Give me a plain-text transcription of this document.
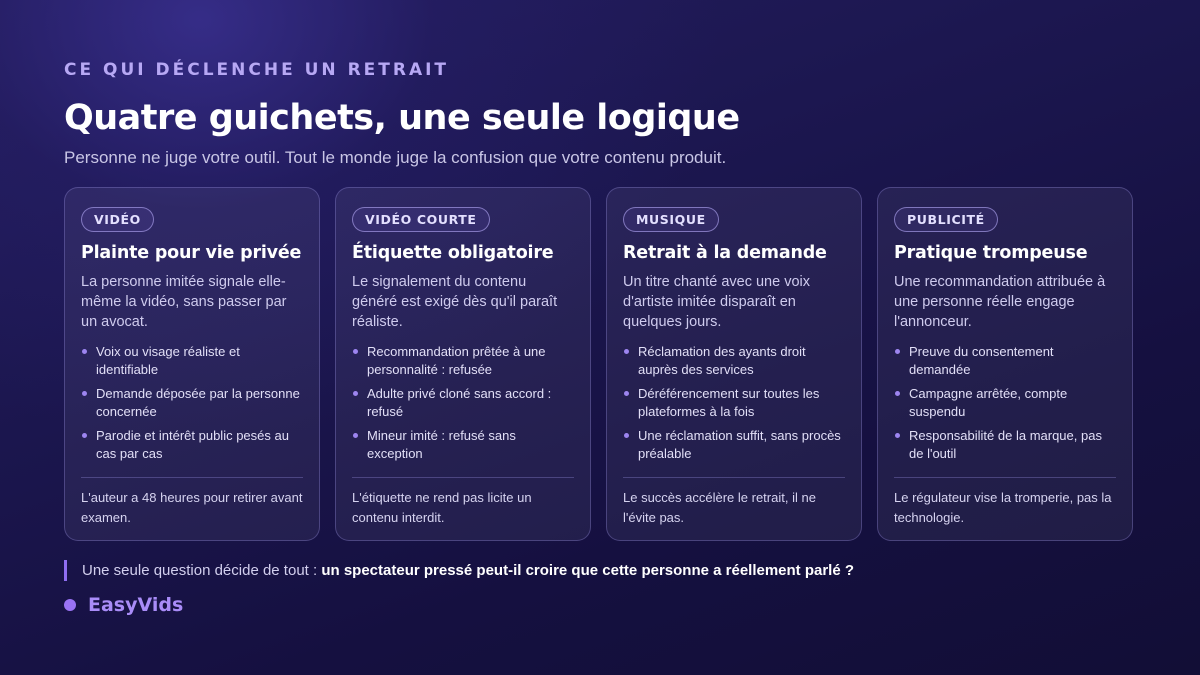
CE QUI DÉCLENCHE UN RETRAIT
Quatre guichets, une seule logique
Personne ne juge votre outil. Tout le monde juge la confusion que votre contenu produit.
VIDÉO
Plainte pour vie privée
La personne imitée signale elle-même la vidéo, sans passer par un avocat.
Voix ou visage réaliste et identifiable
Demande déposée par la personne concernée
Parodie et intérêt public pesés au cas par cas
L'auteur a 48 heures pour retirer avant examen.
VIDÉO COURTE
Étiquette obligatoire
Le signalement du contenu généré est exigé dès qu'il paraît réaliste.
Recommandation prêtée à une personnalité : refusée
Adulte privé cloné sans accord : refusé
Mineur imité : refusé sans exception
L'étiquette ne rend pas licite un contenu interdit.
MUSIQUE
Retrait à la demande
Un titre chanté avec une voix d'artiste imitée disparaît en quelques jours.
Réclamation des ayants droit auprès des services
Déréférencement sur toutes les plateformes à la fois
Une réclamation suffit, sans procès préalable
Le succès accélère le retrait, il ne l'évite pas.
PUBLICITÉ
Pratique trompeuse
Une recommandation attribuée à une personne réelle engage l'annonceur.
Preuve du consentement demandée
Campagne arrêtée, compte suspendu
Responsabilité de la marque, pas de l'outil
Le régulateur vise la tromperie, pas la technologie.
Une seule question décide de tout : un spectateur pressé peut-il croire que cette personne a réellement parlé ?
EasyVids
